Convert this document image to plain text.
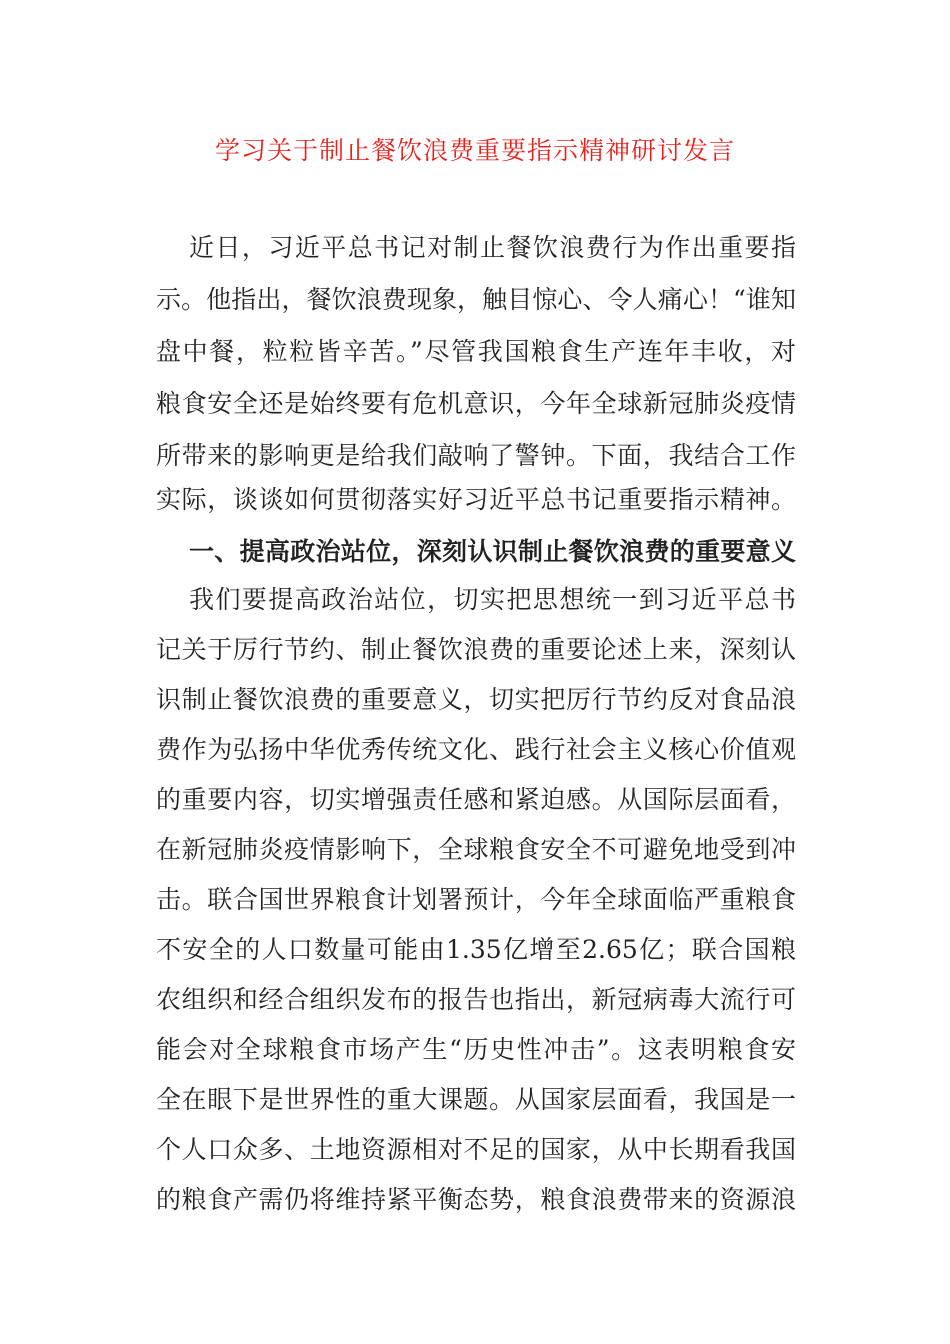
学习关于制止餐饮浪费重要指示精神研讨发言
近日，习近平总书记对制止餐饮浪费行为作出重要指
示。他指出，餐饮浪费现象，触目惊心、令人痛心！“谁知
盘中餐，粒粒皆辛苦。”尽管我国粮食生产连年丰收，对
粮食安全还是始终要有危机意识，今年全球新冠肺炎疫情
所带来的影响更是给我们敲响了警钟。下面，我结合工作
实际，谈谈如何贯彻落实好习近平总书记重要指示精神。
一、提高政治站位，深刻认识制止餐饮浪费的重要意义
我们要提高政治站位，切实把思想统一到习近平总书
记关于厉行节约、制止餐饮浪费的重要论述上来，深刻认
识制止餐饮浪费的重要意义，切实把厉行节约反对食品浪
费作为弘扬中华优秀传统文化、践行社会主义核心价值观
的重要内容，切实增强责任感和紧迫感。从国际层面看，
在新冠肺炎疫情影响下，全球粮食安全不可避免地受到冲
击。联合国世界粮食计划署预计，今年全球面临严重粮食
不安全的人口数量可能由1.35亿增至2.65亿；联合国粮
农组织和经合组织发布的报告也指出，新冠病毒大流行可
能会对全球粮食市场产生“历史性冲击”。这表明粮食安
全在眼下是世界性的重大课题。从国家层面看，我国是一
个人口众多、土地资源相对不足的国家，从中长期看我国
的粮食产需仍将维持紧平衡态势，粮食浪费带来的资源浪
